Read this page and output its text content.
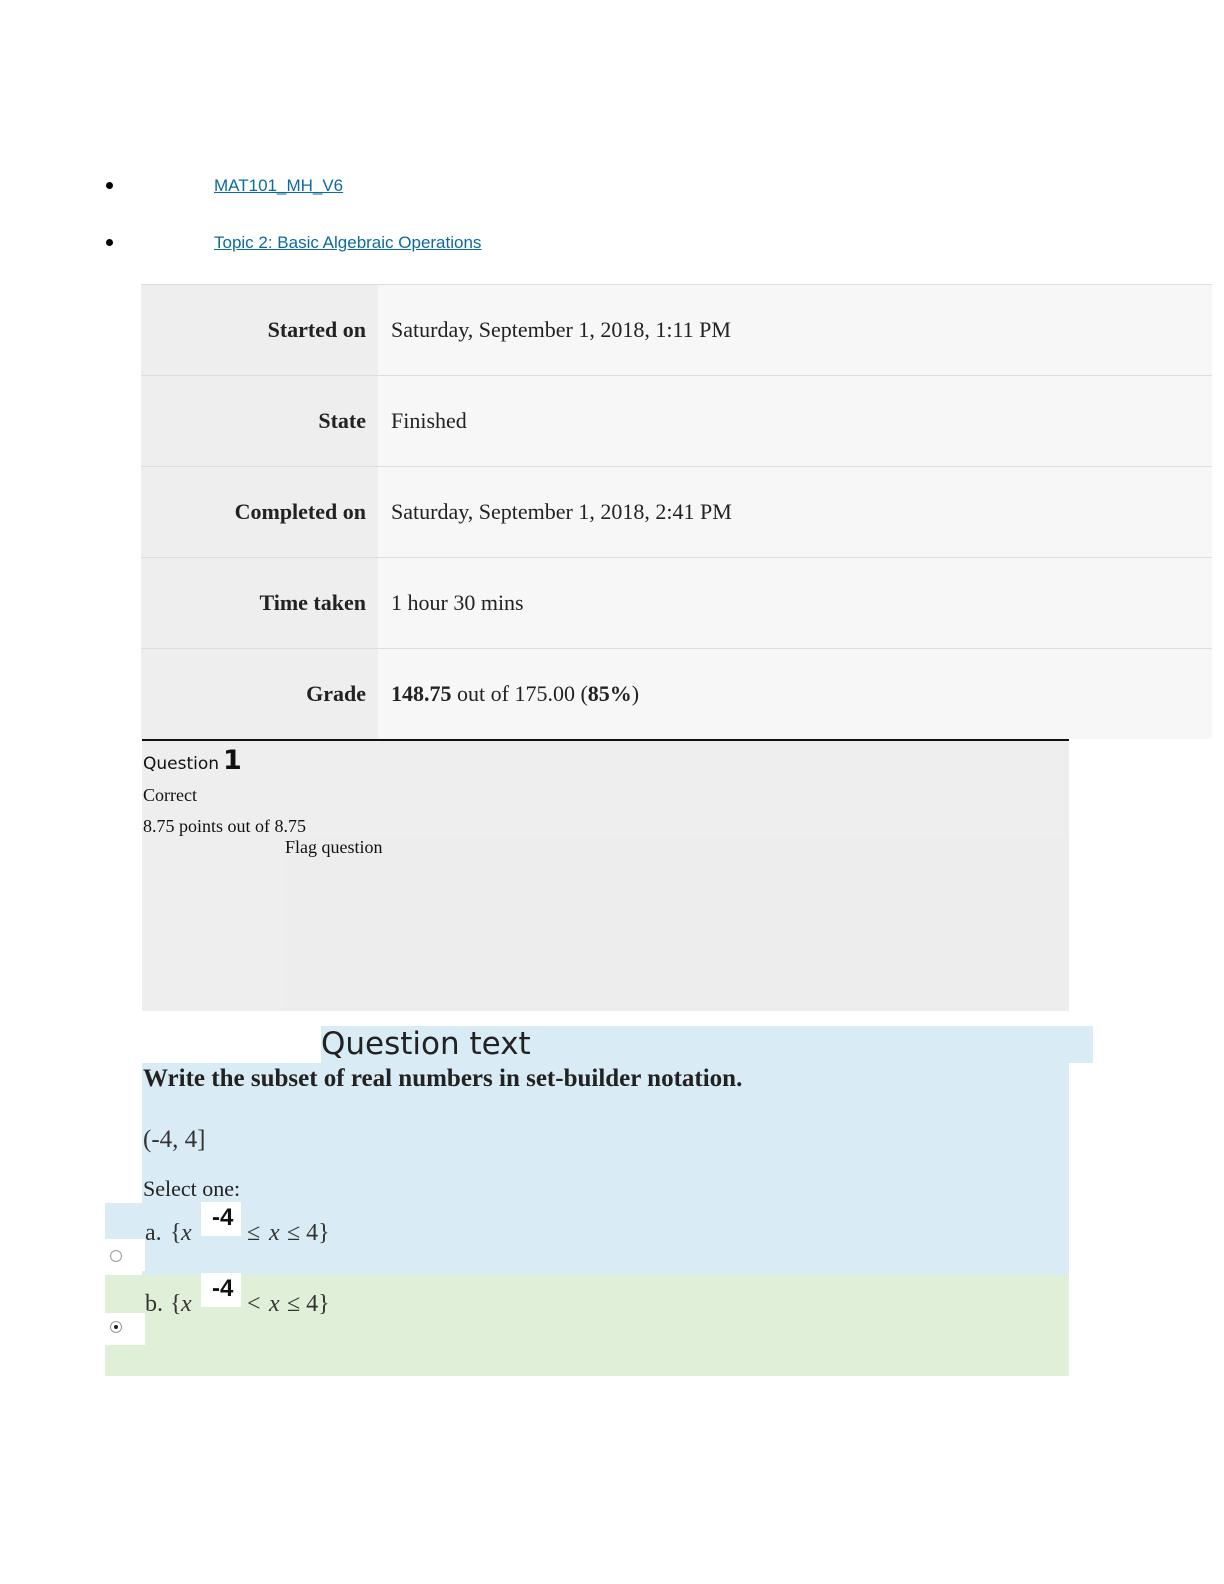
MAT101_MH_V6
Topic 2: Basic Algebraic Operations
Started on	Saturday, September 1, 2018, 1:11 PM
State	Finished
Completed on	Saturday, September 1, 2018, 2:41 PM
Time taken	1 hour 30 mins
Grade	148.75 out of 175.00 (85%)
Question 1
Correct
8.75 points out of 8.75
Flag question
Question text
Write the subset of real numbers in set-builder notation.
(-4, 4]
Select one:
a. { x
-4
≤ x ≤ 4}
b. { x
-4
< x ≤ 4}
